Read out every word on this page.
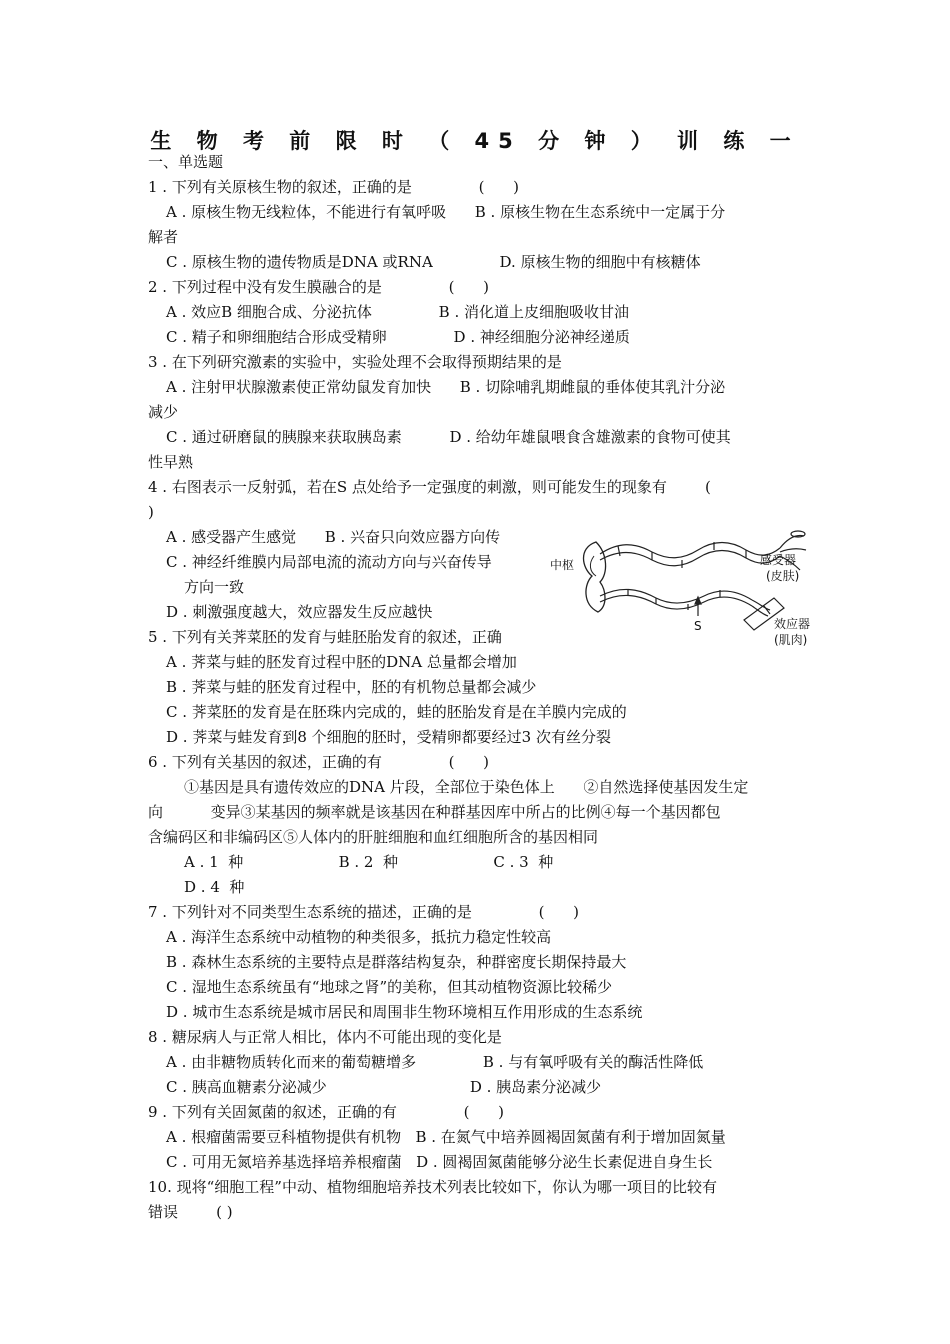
生 物 考 前 限 时 （ 45 分 钟 ） 训 练 一
一、单选题
1 . 下列有关原核生物的叙述，正确的是              (      )
A . 原核生物无线粒体，不能进行有氧呼吸      B . 原核生物在生态系统中一定属于分
解者
C . 原核生物的遗传物质是DNA 或RNA              D. 原核生物的细胞中有核糖体
2 . 下列过程中没有发生膜融合的是              (      )
A . 效应B 细胞合成、分泌抗体              B . 消化道上皮细胞吸收甘油
C . 精子和卵细胞结合形成受精卵              D . 神经细胞分泌神经递质
3 . 在下列研究激素的实验中，实验处理不会取得预期结果的是
A . 注射甲状腺激素使正常幼鼠发育加快      B . 切除哺乳期雌鼠的垂体使其乳汁分泌
减少
C . 通过研磨鼠的胰腺来获取胰岛素          D . 给幼年雄鼠喂食含雄激素的食物可使其
性早熟
4 . 右图表示一反射弧，若在S 点处给予一定强度的刺激，则可能发生的现象有        (
)
A . 感受器产生感觉      B . 兴奋只向效应器方向传
C . 神经纤维膜内局部电流的流动方向与兴奋传导
方向一致
D . 刺激强度越大，效应器发生反应越快
中枢	感受器
(皮肤)
S	效应器
(肌肉)
5 . 下列有关荠菜胚的发育与蛙胚胎发育的叙述，正确
A . 荠菜与蛙的胚发育过程中胚的DNA 总量都会增加
B . 荠菜与蛙的胚发育过程中，胚的有机物总量都会减少
C . 荠菜胚的发育是在胚珠内完成的，蛙的胚胎发育是在羊膜内完成的
D . 荠菜与蛙发育到8 个细胞的胚时，受精卵都要经过3 次有丝分裂
6 . 下列有关基因的叙述，正确的有              (      )
①基因是具有遗传效应的DNA 片段，全部位于染色体上      ②自然选择使基因发生定
向          变异③某基因的频率就是该基因在种群基因库中所占的比例④每一个基因都包
含编码区和非编码区⑤人体内的肝脏细胞和血红细胞所含的基因相同
A . 1  种                    B . 2  种                    C . 3  种
D . 4  种
7 . 下列针对不同类型生态系统的描述，正确的是              (      )
A . 海洋生态系统中动植物的种类很多，抵抗力稳定性较高
B . 森林生态系统的主要特点是群落结构复杂，种群密度长期保持最大
C . 湿地生态系统虽有“地球之肾”的美称，但其动植物资源比较稀少
D . 城市生态系统是城市居民和周围非生物环境相互作用形成的生态系统
8 . 糖尿病人与正常人相比，体内不可能出现的变化是
A . 由非糖物质转化而来的葡萄糖增多              B . 与有氧呼吸有关的酶活性降低
C . 胰高血糖素分泌减少                              D . 胰岛素分泌减少
9 . 下列有关固氮菌的叙述，正确的有              (      )
A . 根瘤菌需要豆科植物提供有机物   B . 在氮气中培养圆褐固氮菌有利于增加固氮量
C . 可用无氮培养基选择培养根瘤菌   D . 圆褐固氮菌能够分泌生长素促进自身生长
10. 现将“细胞工程”中动、植物细胞培养技术列表比较如下，你认为哪一项目的比较有
错误        ( )
